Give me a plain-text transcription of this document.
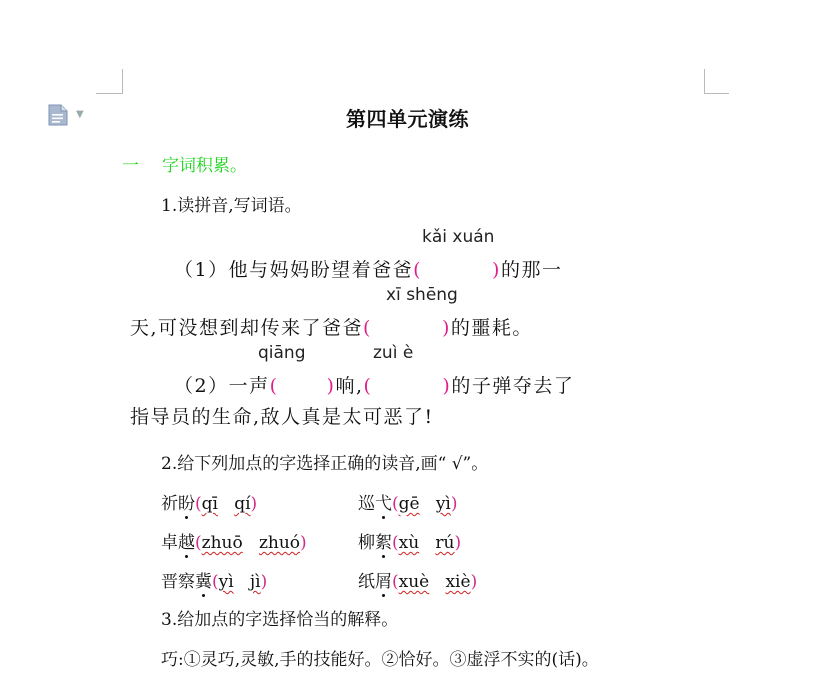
▼	第四单元演练
一 字词积累。
1.读拼音,写词语。
kǎi xuán
（1）他与妈妈盼望着爸爸(	)的那一
xī shēng
天,可没想到却传来了爸爸(	)的噩耗。
qiāng	zuì è
（2）一声(	)响,(	)的子弹夺去了
指导员的生命,敌人真是太可恶了!
2.给下列加点的字选择正确的读音,画“ √”。
祈盼(qī qí)	巡弋(gē yì)
卓越(zhuō zhuó)	柳絮(xù rú)
晋察冀(yì jì)	纸屑(xuè xiè)
3.给加点的字选择恰当的解释。
巧:①灵巧,灵敏,手的技能好。②恰好。③虚浮不实的(话)。
